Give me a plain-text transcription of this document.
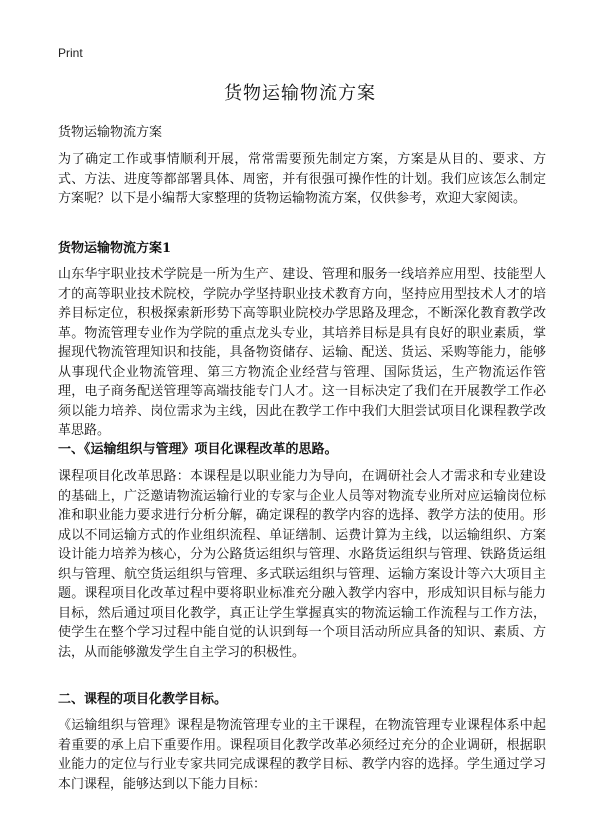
Print
货物运输物流方案

货物运输物流方案

为了确定工作或事情顺利开展，常常需要预先制定方案，方案是从目的、要求、方式、方法、进度等都部署具体、周密，并有很强可操作性的计划。我们应该怎么制定方案呢？以下是小编帮大家整理的货物运输物流方案，仅供参考，欢迎大家阅读。

货物运输物流方案1

山东华宇职业技术学院是一所为生产、建设、管理和服务一线培养应用型、技能型人才的高等职业技术院校，学院办学坚持职业技术教育方向，坚持应用型技术人才的培养目标定位，积极探索新形势下高等职业院校办学思路及理念，不断深化教育教学改革。物流管理专业作为学院的重点龙头专业，其培养目标是具有良好的职业素质，掌握现代物流管理知识和技能，具备物资储存、运输、配送、货运、采购等能力，能够从事现代企业物流管理、第三方物流企业经营与管理、国际货运，生产物流运作管理，电子商务配送管理等高端技能专门人才。这一目标决定了我们在开展教学工作必须以能力培养、岗位需求为主线，因此在教学工作中我们大胆尝试项目化课程教学改革思路。

一、《运输组织与管理》项目化课程改革的思路。

课程项目化改革思路：本课程是以职业能力为导向，在调研社会人才需求和专业建设的基础上，广泛邀请物流运输行业的专家与企业人员等对物流专业所对应运输岗位标准和职业能力要求进行分析分解，确定课程的教学内容的选择、教学方法的使用。形成以不同运输方式的作业组织流程、单证缮制、运费计算为主线，以运输组织、方案设计能力培养为核心，分为公路货运组织与管理、水路货运组织与管理、铁路货运组织与管理、航空货运组织与管理、多式联运组织与管理、运输方案设计等六大项目主题。课程项目化改革过程中要将职业标准充分融入教学内容中，形成知识目标与能力目标，然后通过项目化教学，真正让学生掌握真实的物流运输工作流程与工作方法，使学生在整个学习过程中能自觉的认识到每一个项目活动所应具备的知识、素质、方法，从而能够激发学生自主学习的积极性。

二、课程的项目化教学目标。

《运输组织与管理》课程是物流管理专业的主干课程，在物流管理专业课程体系中起着重要的承上启下重要作用。课程项目化教学改革必须经过充分的企业调研，根据职业能力的定位与行业专家共同完成课程的教学目标、教学内容的选择。学生通过学习本门课程，能够达到以下能力目标：
